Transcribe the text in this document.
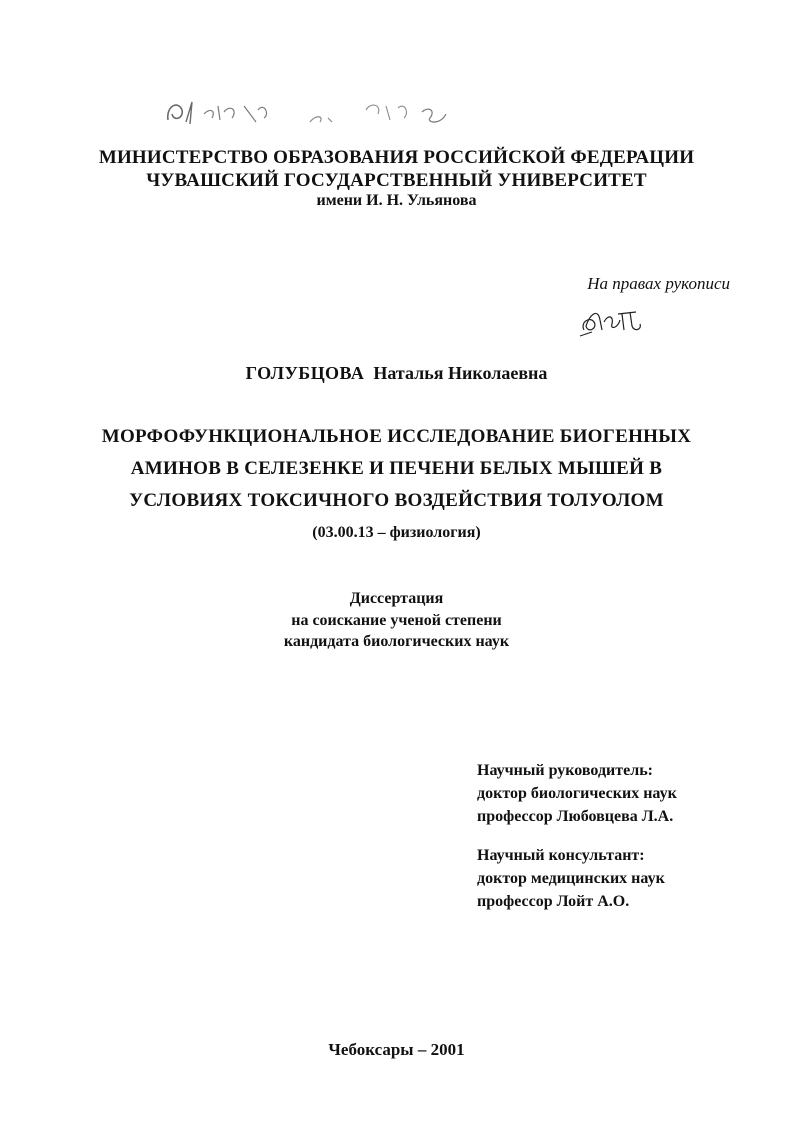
МИНИСТЕРСТВО ОБРАЗОВАНИЯ РОССИЙСКОЙ ФЕДЕРАЦИИ
ЧУВАШСКИЙ ГОСУДАРСТВЕННЫЙ УНИВЕРСИТЕТ
имени И. Н. Ульянова
На правах рукописи
ГОЛУБЦОВА Наталья Николаевна
МОРФОФУНКЦИОНАЛЬНОЕ ИССЛЕДОВАНИЕ БИОГЕННЫХ
АМИНОВ В СЕЛЕЗЕНКЕ И ПЕЧЕНИ БЕЛЫХ МЫШЕЙ В
УСЛОВИЯХ ТОКСИЧНОГО ВОЗДЕЙСТВИЯ ТОЛУОЛОМ
(03.00.13 – физиология)
Диссертация
на соискание ученой степени
кандидата биологических наук
Научный руководитель:
доктор биологических наук
профессор Любовцева Л.А.
Научный консультант:
доктор медицинских наук
профессор Лойт А.О.
Чебоксары – 2001
